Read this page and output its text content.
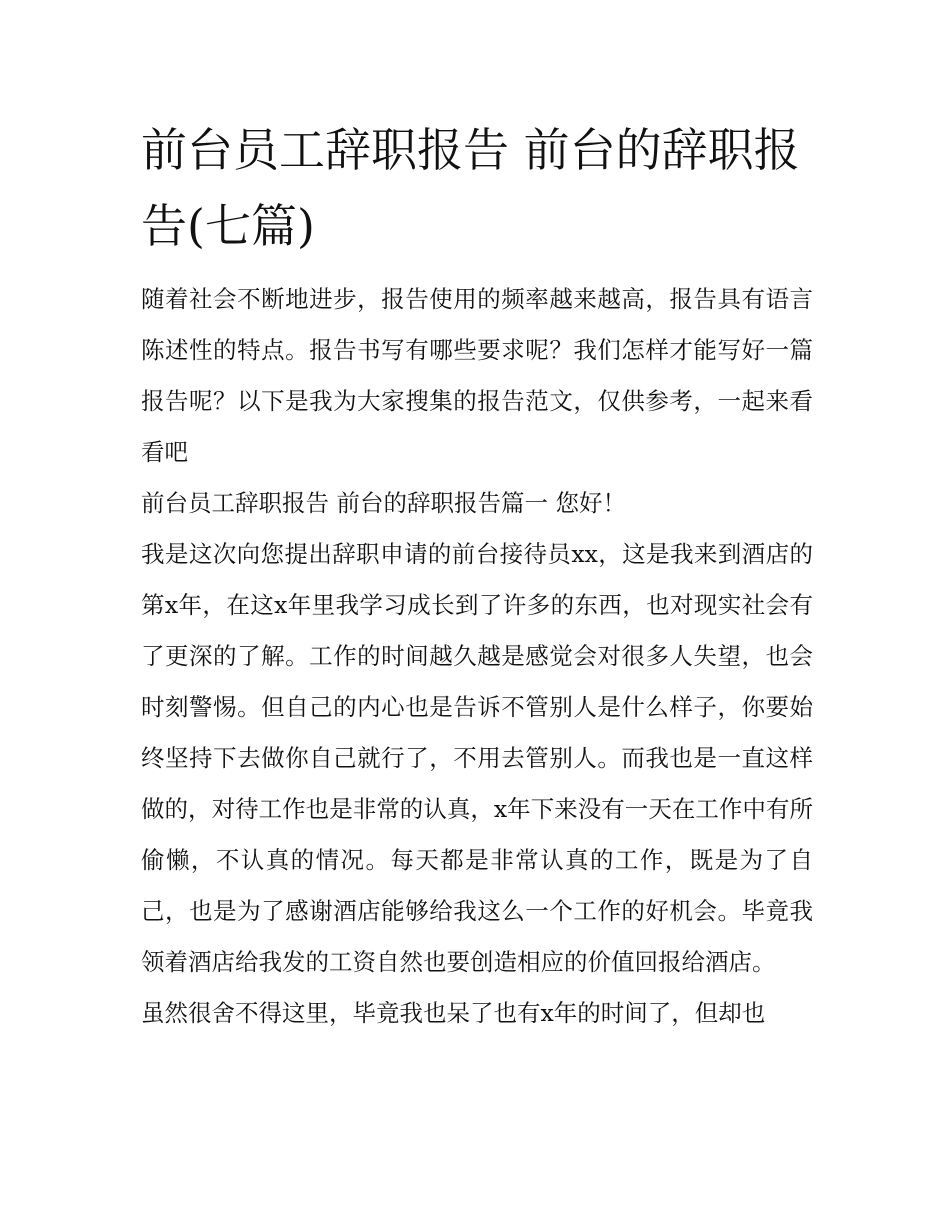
前台员工辞职报告 前台的辞职报告(七篇)

随着社会不断地进步，报告使用的频率越来越高，报告具有语言陈述性的特点。报告书写有哪些要求呢？我们怎样才能写好一篇报告呢？以下是我为大家搜集的报告范文，仅供参考，一起来看看吧

前台员工辞职报告 前台的辞职报告篇一 您好！

我是这次向您提出辞职申请的前台接待员xx，这是我来到酒店的第x年，在这x年里我学习成长到了许多的东西，也对现实社会有了更深的了解。工作的时间越久越是感觉会对很多人失望，也会时刻警惕。但自己的内心也是告诉不管别人是什么样子，你要始终坚持下去做你自己就行了，不用去管别人。而我也是一直这样做的，对待工作也是非常的认真，x年下来没有一天在工作中有所偷懒，不认真的情况。每天都是非常认真的工作，既是为了自己，也是为了感谢酒店能够给我这么一个工作的好机会。毕竟我领着酒店给我发的工资自然也要创造相应的价值回报给酒店。

虽然很舍不得这里，毕竟我也呆了也有x年的时间了，但却也
